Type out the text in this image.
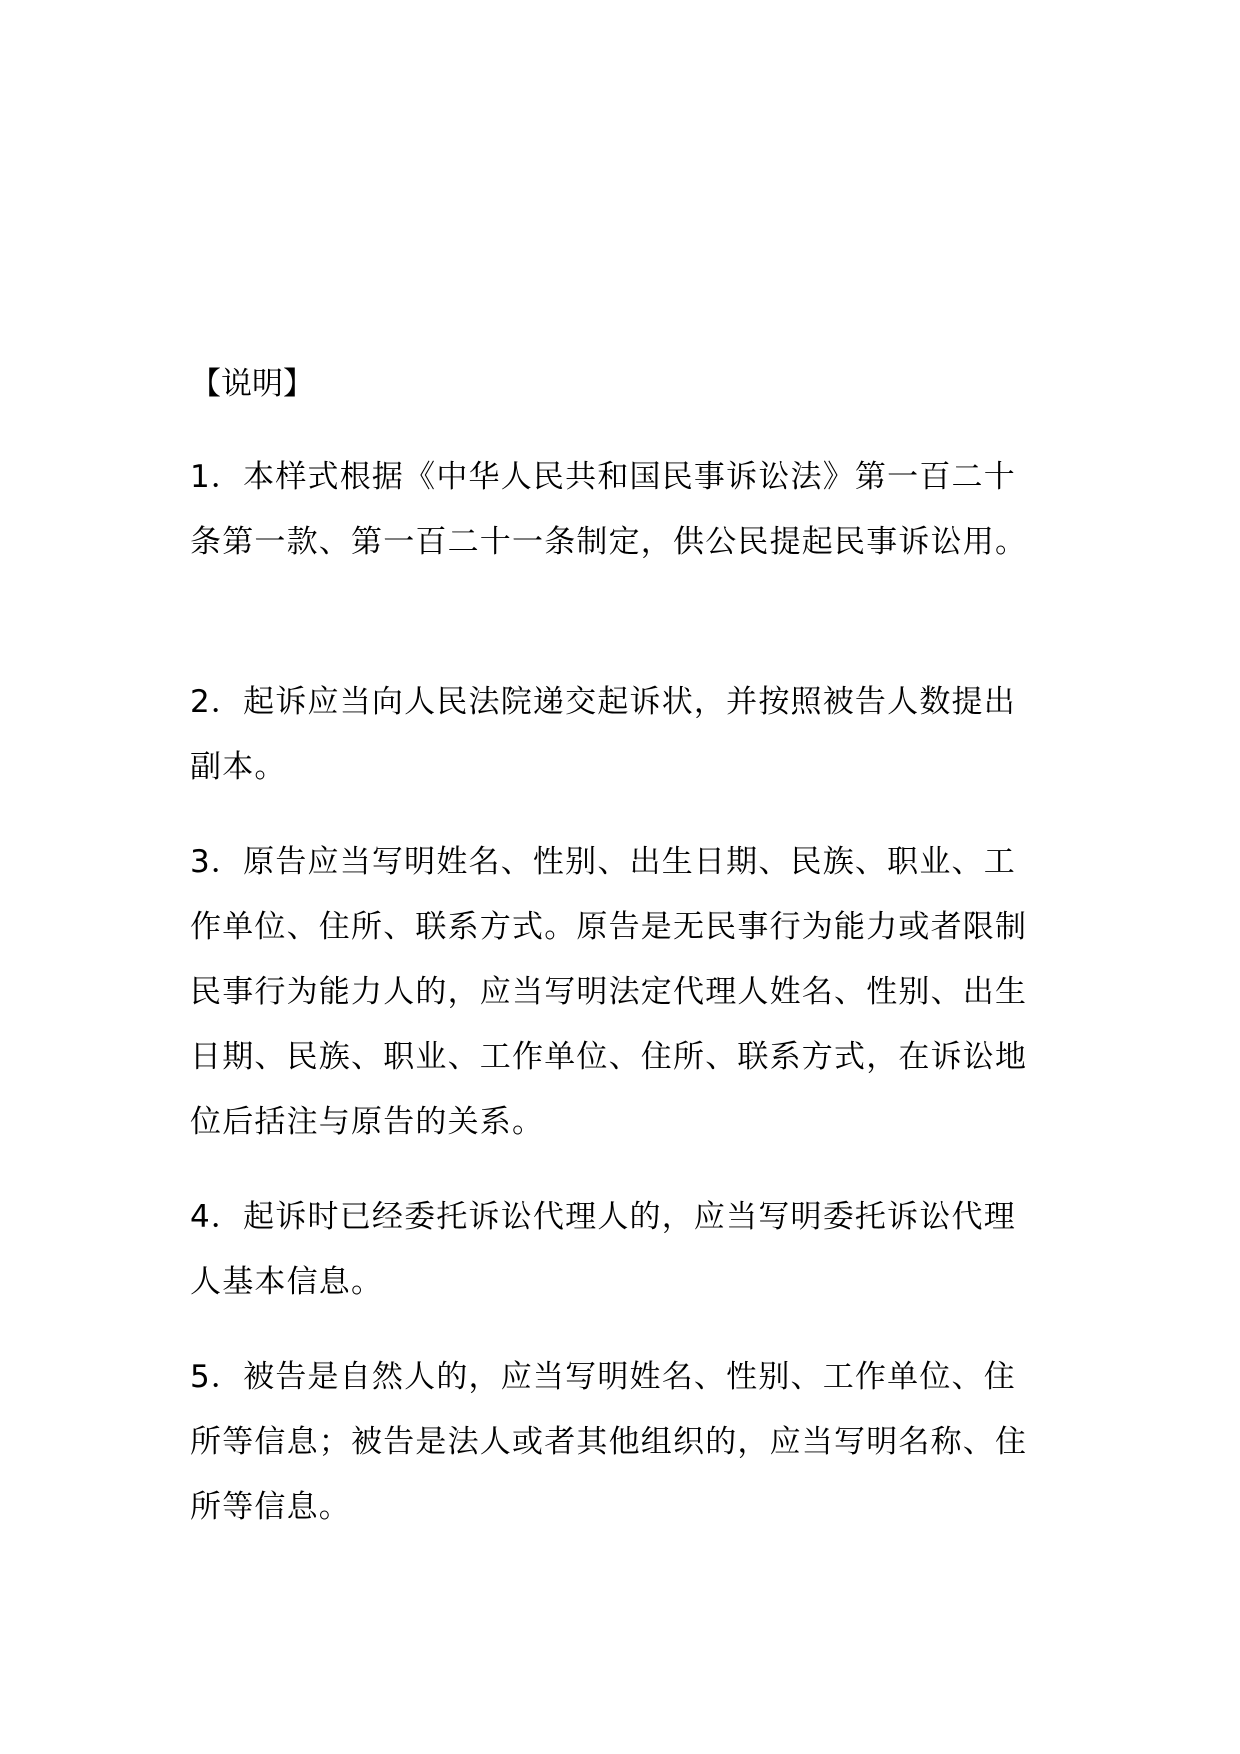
【说明】
1．本样式根据《中华人民共和国民事诉讼法》第一百二十
条第一款、第一百二十一条制定，供公民提起民事诉讼用。
2．起诉应当向人民法院递交起诉状，并按照被告人数提出
副本。
3．原告应当写明姓名、性别、出生日期、民族、职业、工
作单位、住所、联系方式。原告是无民事行为能力或者限制
民事行为能力人的，应当写明法定代理人姓名、性别、出生
日期、民族、职业、工作单位、住所、联系方式，在诉讼地
位后括注与原告的关系。
4．起诉时已经委托诉讼代理人的，应当写明委托诉讼代理
人基本信息。
5．被告是自然人的，应当写明姓名、性别、工作单位、住
所等信息；被告是法人或者其他组织的，应当写明名称、住
所等信息。
